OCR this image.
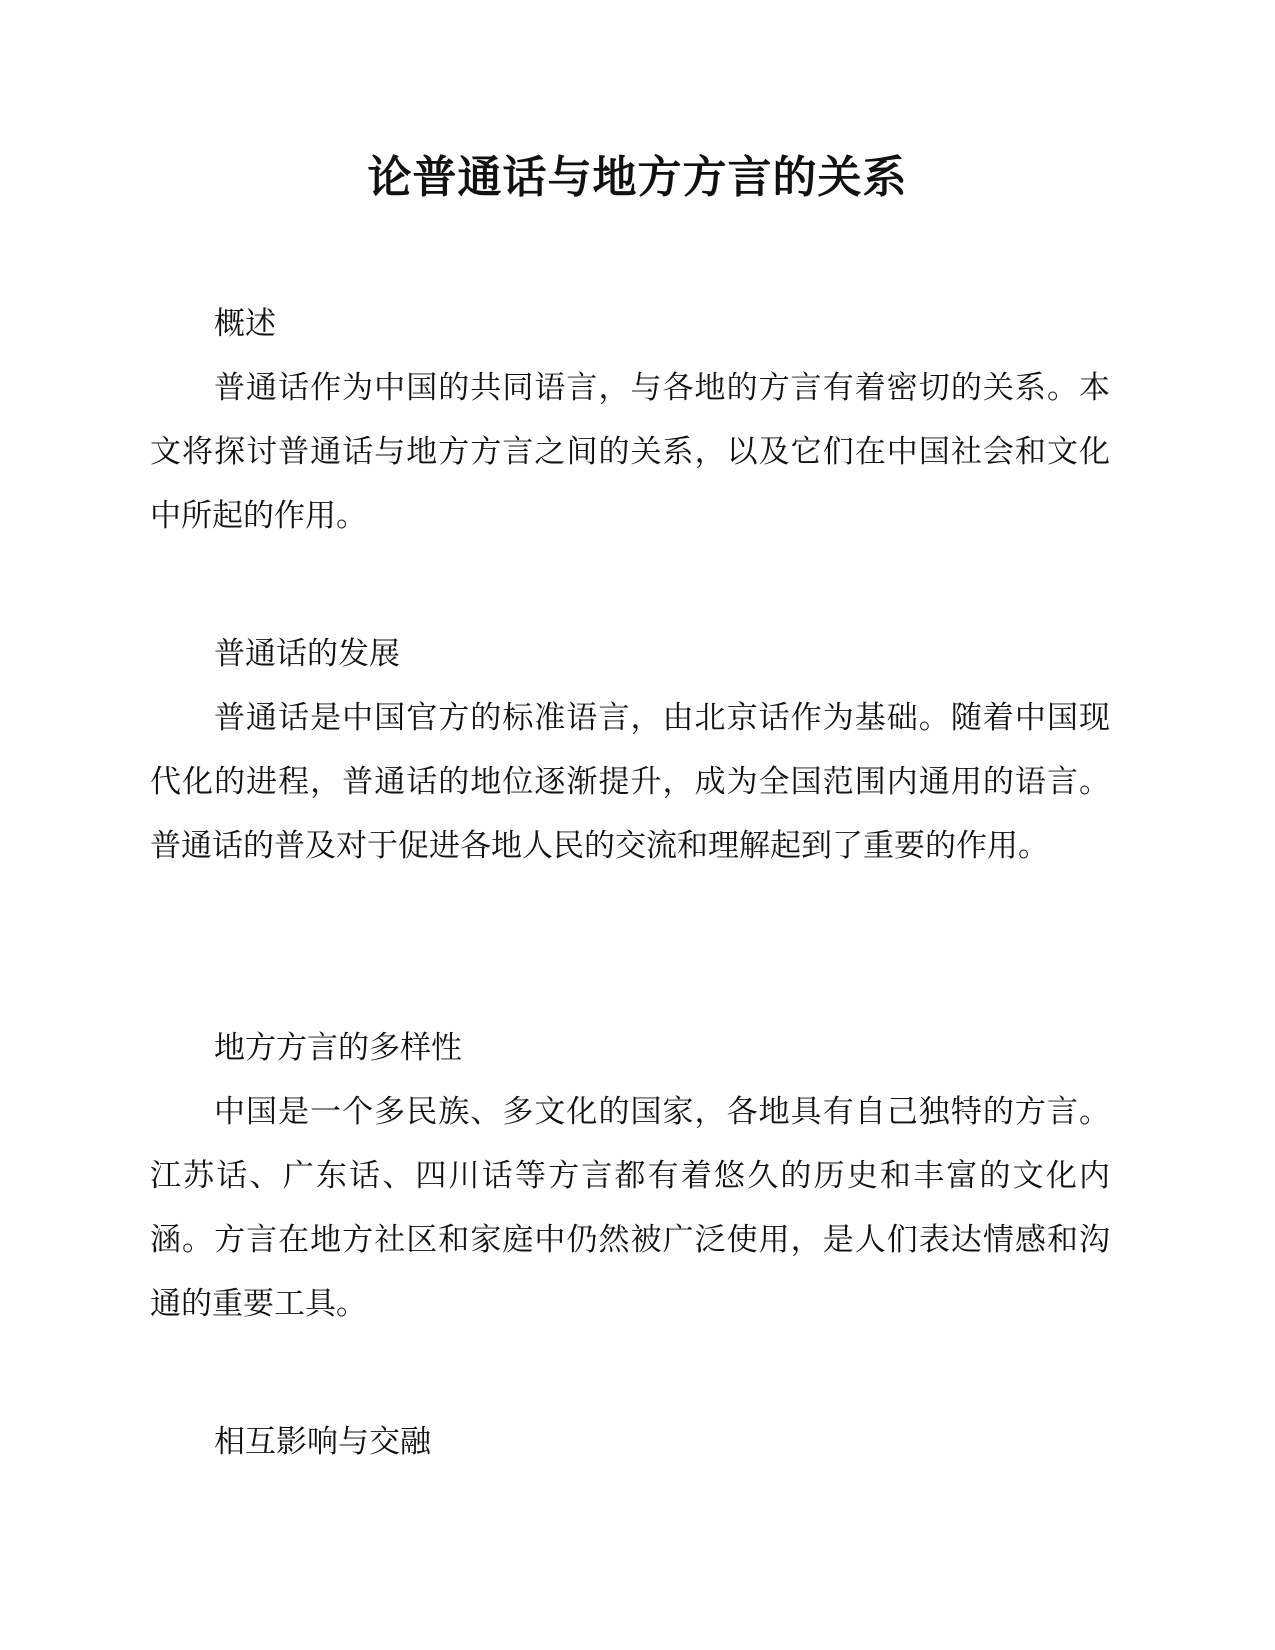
论普通话与地方方言的关系

概述

普通话作为中国的共同语言，与各地的方言有着密切的关系。本文将探讨普通话与地方方言之间的关系，以及它们在中国社会和文化中所起的作用。

普通话的发展

普通话是中国官方的标准语言，由北京话作为基础。随着中国现代化的进程，普通话的地位逐渐提升，成为全国范围内通用的语言。普通话的普及对于促进各地人民的交流和理解起到了重要的作用。

地方方言的多样性

中国是一个多民族、多文化的国家，各地具有自己独特的方言。江苏话、广东话、四川话等方言都有着悠久的历史和丰富的文化内涵。方言在地方社区和家庭中仍然被广泛使用，是人们表达情感和沟通的重要工具。

相互影响与交融
